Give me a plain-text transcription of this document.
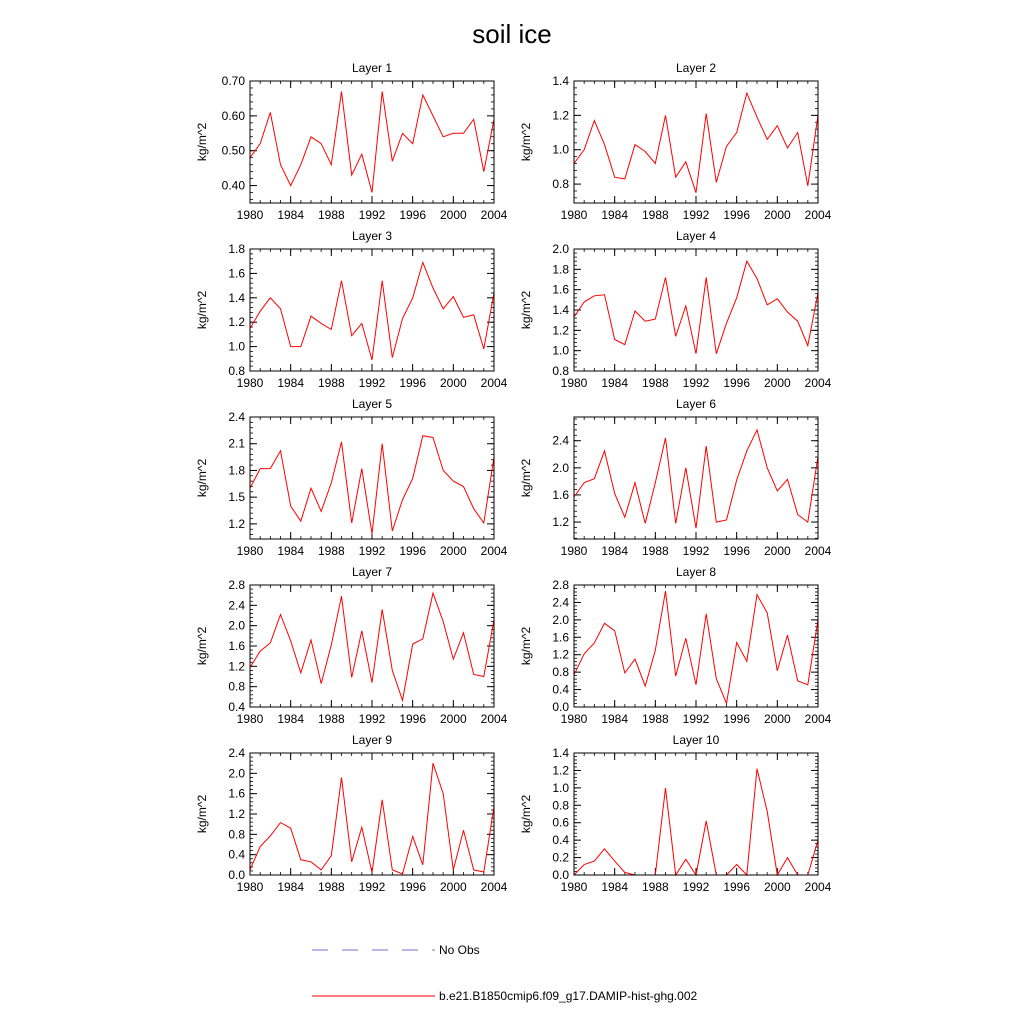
soil ice
Layer 1
1980 1984 1988 1992 1996 2000 2004
0.40
0.50
0.60
0.70
kg/m^2
Layer 2
1980 1984 1988 1992 1996 2000 2004
0.8
1.0
1.2
1.4
kg/m^2
Layer 3
1980 1984 1988 1992 1996 2000 2004
0.8
1.0
1.2
1.4
1.6
1.8
kg/m^2
Layer 4
1980 1984 1988 1992 1996 2000 2004
0.8
1.0
1.2
1.4
1.6
1.8
2.0
kg/m^2
Layer 5
1980 1984 1988 1992 1996 2000 2004
1.2
1.5
1.8
2.1
2.4
kg/m^2
Layer 6
1980 1984 1988 1992 1996 2000 2004
1.2
1.6
2.0
2.4
kg/m^2
Layer 7
1980 1984 1988 1992 1996 2000 2004
0.4
0.8
1.2
1.6
2.0
2.4
2.8
kg/m^2
Layer 8
1980 1984 1988 1992 1996 2000 2004
0.0
0.4
0.8
1.2
1.6
2.0
2.4
2.8
kg/m^2
Layer 9
1980 1984 1988 1992 1996 2000 2004
0.0
0.4
0.8
1.2
1.6
2.0
2.4
kg/m^2
Layer 10
1980 1984 1988 1992 1996 2000 2004
0.0
0.2
0.4
0.6
0.8
1.0
1.2
1.4
kg/m^2
No Obs
b.e21.B1850cmip6.f09_g17.DAMIP-hist-ghg.002
